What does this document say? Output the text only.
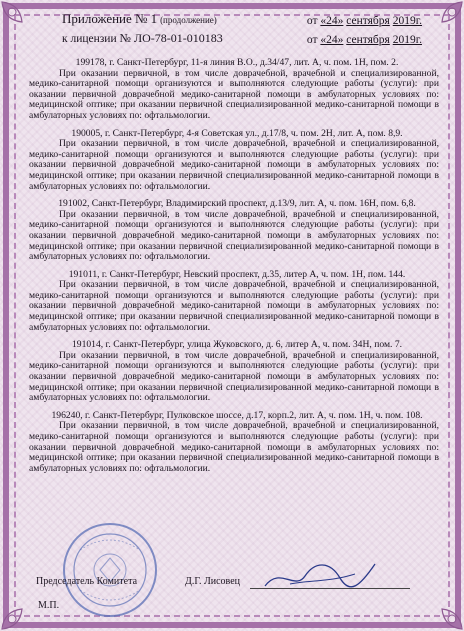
Приложение № 1 (продолжение)	от «24» сентября 2019г.
к лицензии № ЛО-78-01-010183	от «24» сентября 2019г.
199178, г. Санкт-Петербург, 11-я линия В.О., д.34/47, лит. А, ч. пом. 1Н, пом. 2.
При оказании первичной, в том числе доврачебной, врачебной и специализированной, медико-санитарной помощи организуются и выполняются следующие работы (услуги): при оказании первичной доврачебной медико-санитарной помощи в амбулаторных условиях по: медицинской оптике; при оказании первичной специализированной медико-санитарной помощи в амбулаторных условиях по: офтальмологии.
190005, г. Санкт-Петербург, 4-я Советская ул., д.17/8, ч. пом. 2Н, лит. А, пом. 8,9.
При оказании первичной, в том числе доврачебной, врачебной и специализированной, медико-санитарной помощи организуются и выполняются следующие работы (услуги): при оказании первичной доврачебной медико-санитарной помощи в амбулаторных условиях по: медицинской оптике; при оказании первичной специализированной медико-санитарной помощи в амбулаторных условиях по: офтальмологии.
191002, Санкт-Петербург, Владимирский проспект, д.13/9, лит. А, ч. пом. 16Н, пом. 6,8.
При оказании первичной, в том числе доврачебной, врачебной и специализированной, медико-санитарной помощи организуются и выполняются следующие работы (услуги): при оказании первичной доврачебной медико-санитарной помощи в амбулаторных условиях по: медицинской оптике; при оказании первичной специализированной медико-санитарной помощи в амбулаторных условиях по: офтальмологии.
191011, г. Санкт-Петербург, Невский проспект, д.35, литер А, ч. пом. 1Н, пом. 144.
При оказании первичной, в том числе доврачебной, врачебной и специализированной, медико-санитарной помощи организуются и выполняются следующие работы (услуги): при оказании первичной доврачебной медико-санитарной помощи в амбулаторных условиях по: медицинской оптике; при оказании первичной специализированной медико-санитарной помощи в амбулаторных условиях по: офтальмологии.
191014, г. Санкт-Петербург, улица Жуковского, д. 6, литер А, ч. пом. 34Н, пом. 7.
При оказании первичной, в том числе доврачебной, врачебной и специализированной, медико-санитарной помощи организуются и выполняются следующие работы (услуги): при оказании первичной доврачебной медико-санитарной помощи в амбулаторных условиях по: медицинской оптике; при оказании первичной специализированной медико-санитарной помощи в амбулаторных условиях по: офтальмологии.
196240, г. Санкт-Петербург, Пулковское шоссе, д.17, корп.2, лит. А, ч. пом. 1Н, ч. пом. 108.
При оказании первичной, в том числе доврачебной, врачебной и специализированной, медико-санитарной помощи организуются и выполняются следующие работы (услуги): при оказании первичной доврачебной медико-санитарной помощи в амбулаторных условиях по: медицинской оптике; при оказании первичной специализированной медико-санитарной помощи в амбулаторных условиях по: офтальмологии.
Председатель Комитета
М.П.
Д.Г. Лисовец
